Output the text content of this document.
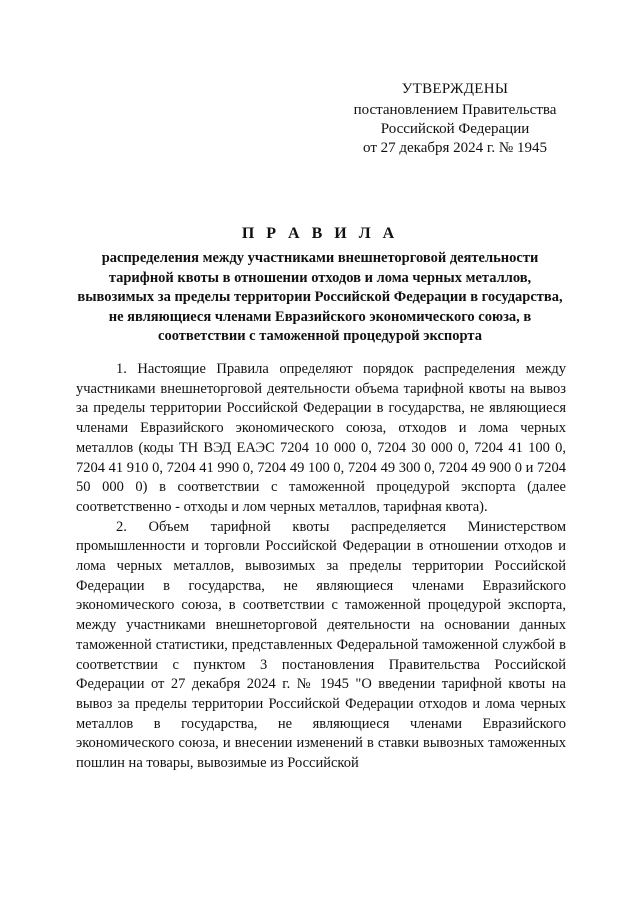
УТВЕРЖДЕНЫ
постановлением Правительства
Российской Федерации
от 27 декабря 2024 г. № 1945
П Р А В И Л А
распределения между участниками внешнеторговой деятельности тарифной квоты в отношении отходов и лома черных металлов, вывозимых за пределы территории Российской Федерации в государства, не являющиеся членами Евразийского экономического союза, в соответствии с таможенной процедурой экспорта

1. Настоящие Правила определяют порядок распределения между участниками внешнеторговой деятельности объема тарифной квоты на вывоз за пределы территории Российской Федерации в государства, не являющиеся членами Евразийского экономического союза, отходов и лома черных металлов (коды ТН ВЭД ЕАЭС 7204 10 000 0, 7204 30 000 0, 7204 41 100 0, 7204 41 910 0, 7204 41 990 0, 7204 49 100 0, 7204 49 300 0, 7204 49 900 0 и 7204 50 000 0) в соответствии с таможенной процедурой экспорта (далее соответственно - отходы и лом черных металлов, тарифная квота).

2. Объем тарифной квоты распределяется Министерством промышленности и торговли Российской Федерации в отношении отходов и лома черных металлов, вывозимых за пределы территории Российской Федерации в государства, не являющиеся членами Евразийского экономического союза, в соответствии с таможенной процедурой экспорта, между участниками внешнеторговой деятельности на основании данных таможенной статистики, представленных Федеральной таможенной службой в соответствии с пунктом 3 постановления Правительства Российской Федерации от 27 декабря 2024 г. № 1945 "О введении тарифной квоты на вывоз за пределы территории Российской Федерации отходов и лома черных металлов в государства, не являющиеся членами Евразийского экономического союза, и внесении изменений в ставки вывозных таможенных пошлин на товары, вывозимые из Российской
